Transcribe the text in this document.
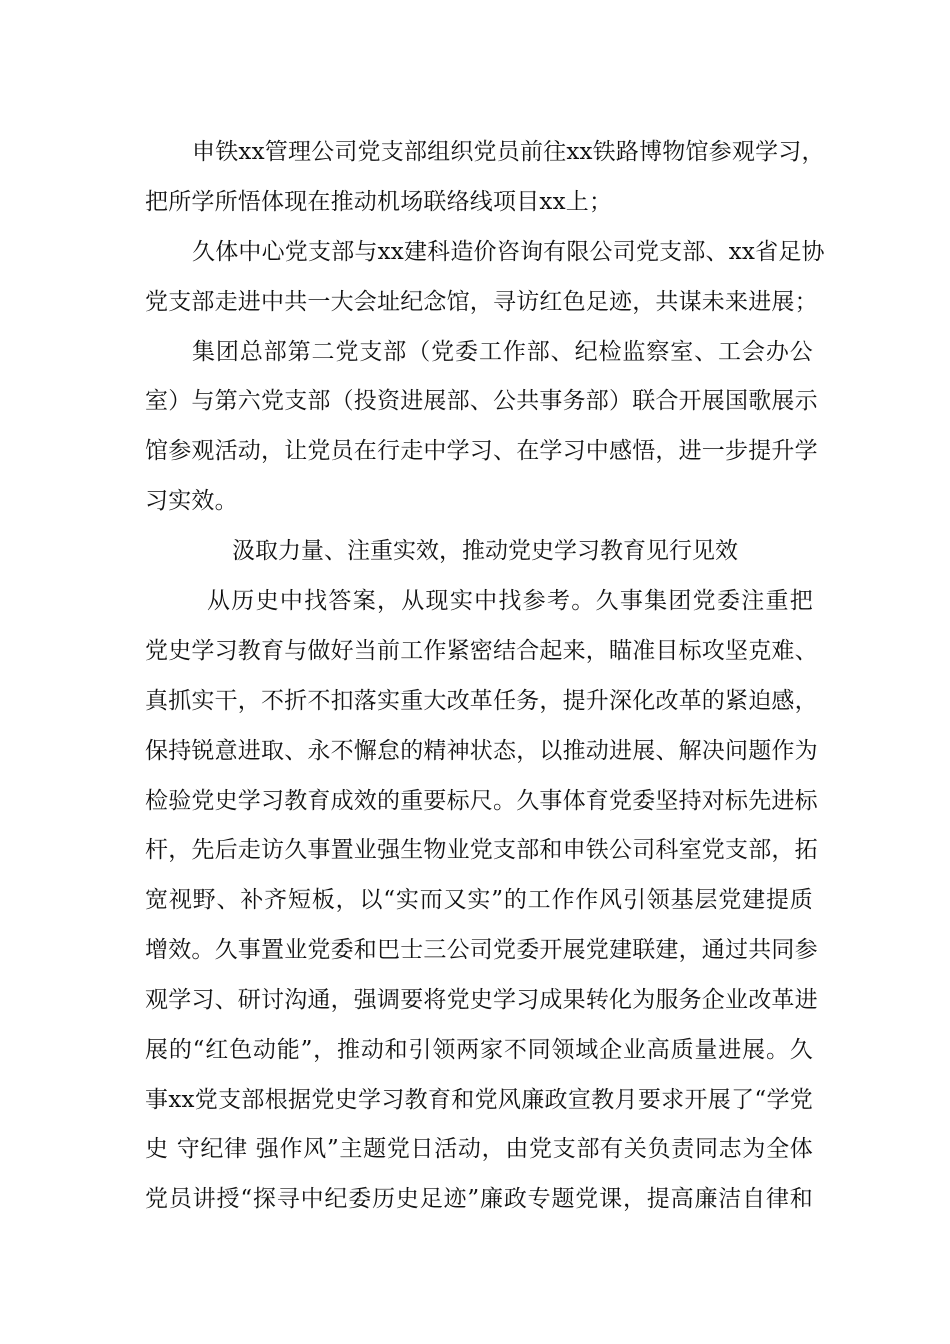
申铁xx管理公司党支部组织党员前往xx铁路博物馆参观学习，
把所学所悟体现在推动机场联络线项目xx上；
久体中心党支部与xx建科造价咨询有限公司党支部、xx省足协
党支部走进中共一大会址纪念馆，寻访红色足迹，共谋未来进展；
集团总部第二党支部（党委工作部、纪检监察室、工会办公
室）与第六党支部（投资进展部、公共事务部）联合开展国歌展示
馆参观活动，让党员在行走中学习、在学习中感悟，进一步提升学
习实效。
汲取力量、注重实效，推动党史学习教育见行见效
从历史中找答案，从现实中找参考。久事集团党委注重把
党史学习教育与做好当前工作紧密结合起来，瞄准目标攻坚克难、
真抓实干，不折不扣落实重大改革任务，提升深化改革的紧迫感，
保持锐意进取、永不懈怠的精神状态，以推动进展、解决问题作为
检验党史学习教育成效的重要标尺。久事体育党委坚持对标先进标
杆，先后走访久事置业强生物业党支部和申铁公司科室党支部，拓
宽视野、补齐短板，以“实而又实”的工作作风引领基层党建提质
增效。久事置业党委和巴士三公司党委开展党建联建，通过共同参
观学习、研讨沟通，强调要将党史学习成果转化为服务企业改革进
展的“红色动能”，推动和引领两家不同领域企业高质量进展。久
事xx党支部根据党史学习教育和党风廉政宣教月要求开展了“学党
史 守纪律 强作风”主题党日活动，由党支部有关负责同志为全体
党员讲授“探寻中纪委历史足迹”廉政专题党课，提高廉洁自律和
